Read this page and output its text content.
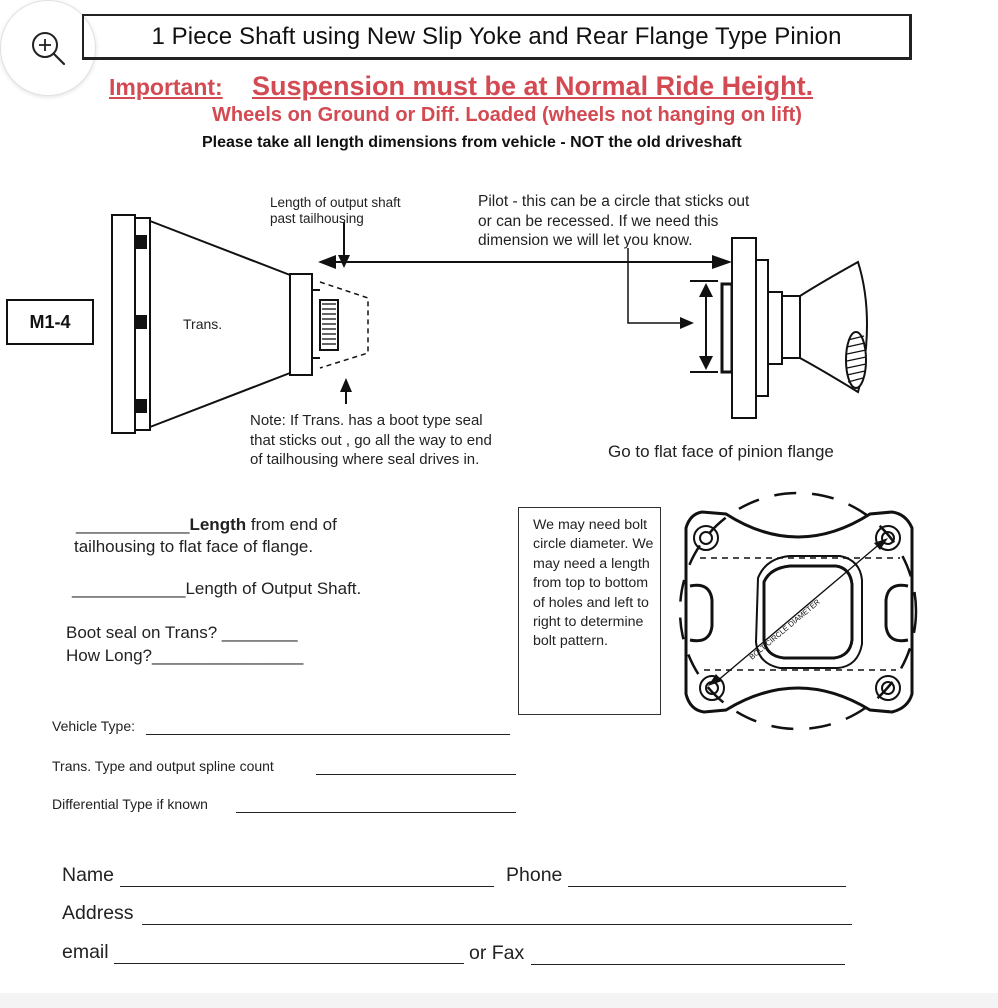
1 Piece Shaft using New Slip Yoke and Rear Flange Type Pinion
Important: Suspension must be at Normal Ride Height.
Wheels on Ground or Diff. Loaded (wheels not hanging on lift)
Please take all length dimensions from vehicle - NOT the old driveshaft
BOLT CIRCLE DIAMETER
M1-4	Trans.
Length of output shaft
past tailhousing
Pilot - this can be a circle that sticks out
or can be recessed. If we need this
dimension we will let you know.
Note: If Trans. has a boot type seal
that sticks out , go all the way to end
of tailhousing where seal drives in.	Go to flat face of pinion flange
____________Length from end of
tailhousing to flat face of flange.
____________Length of Output Shaft.
Boot seal on Trans? ________
How Long?________________
Vehicle Type:
Trans. Type and output spline count
Differential Type if known
We may need bolt circle diameter. We may need a length from top to bottom of holes and left to right to determine bolt pattern.
Name	Phone
Address
email	or Fax
